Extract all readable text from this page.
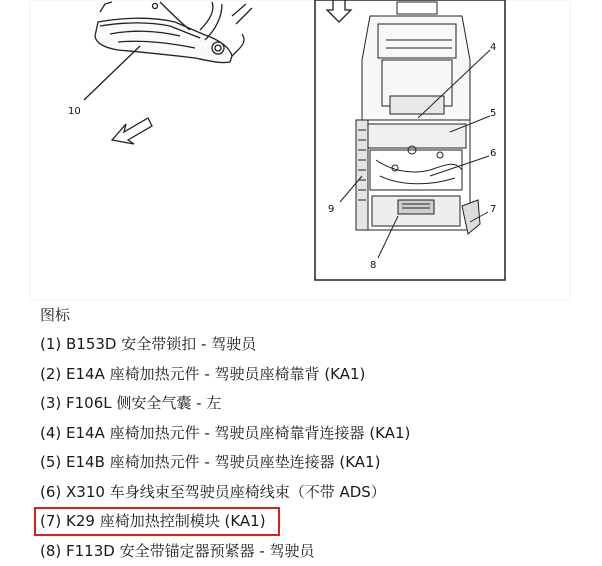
10
4
5
6
7
8
9
图标
(1) B153D 安全带锁扣 - 驾驶员
(2) E14A 座椅加热元件 - 驾驶员座椅靠背 (KA1)
(3) F106L 侧安全气囊 - 左
(4) E14A 座椅加热元件 - 驾驶员座椅靠背连接器 (KA1)
(5) E14B 座椅加热元件 - 驾驶员座垫连接器 (KA1)
(6) X310 车身线束至驾驶员座椅线束（不带 ADS）
(7) K29 座椅加热控制模块 (KA1)
(8) F113D 安全带锚定器预紧器 - 驾驶员
